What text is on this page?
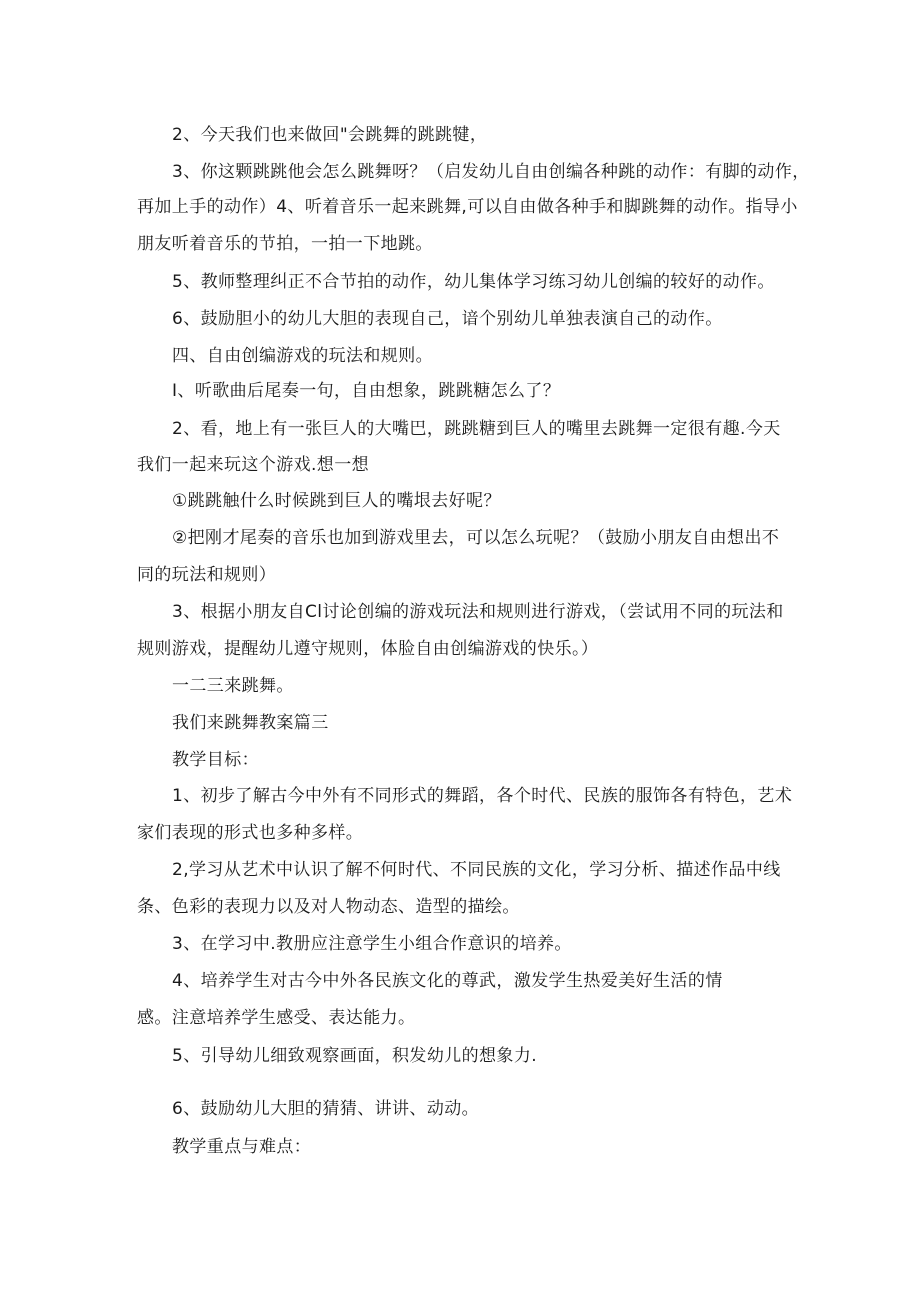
2、今天我们也来做回"会跳舞的跳跳犍，
3、你这颗跳跳他会怎么跳舞呀？（启发幼儿自由创编各种跳的动作：有脚的动作，
再加上手的动作）4、听着音乐一起来跳舞,可以自由做各种手和脚跳舞的动作。指导小
朋友听着音乐的节拍，一拍一下地跳。
5、教师整理纠正不合节拍的动作，幼儿集体学习练习幼儿创编的较好的动作。
6、鼓励胆小的幼儿大胆的表现自己，谙个别幼儿单独表演自己的动作。
四、自由创编游戏的玩法和规则。
I、听歌曲后尾奏一句，自由想象，跳跳糖怎么了？
2、看，地上有一张巨人的大嘴巴，跳跳糖到巨人的嘴里去跳舞一定很有趣.今天
我们一起来玩这个游戏.想一想
①跳跳触什么时候跳到巨人的嘴垠去好呢？
②把刚才尾奏的音乐也加到游戏里去，可以怎么玩呢？（鼓励小朋友自由想出不
同的玩法和规则）
3、根据小朋友自Cl讨论创编的游戏玩法和规则进行游戏，（尝试用不同的玩法和
规则游戏，提醒幼儿遵守规则，体脸自由创编游戏的快乐。）
一二三来跳舞。
我们来跳舞教案篇三
教学目标：
1、初步了解古今中外有不同形式的舞蹈，各个时代、民族的服饰各有特色，艺术
家们表现的形式也多种多样。
2,学习从艺术中认识了解不何时代、不同民族的文化，学习分析、描述作品中线
条、色彩的表现力以及对人物动态、造型的描绘。
3、在学习中.教册应注意学生小组合作意识的培养。
4、培养学生对古今中外各民族文化的尊武，激发学生热爱美好生活的情
感。注意培养学生感受、表达能力。
5、引导幼儿细致观察画面，积发幼儿的想象力.
6、鼓励幼儿大胆的猜猜、讲讲、动动。
教学重点与难点：
